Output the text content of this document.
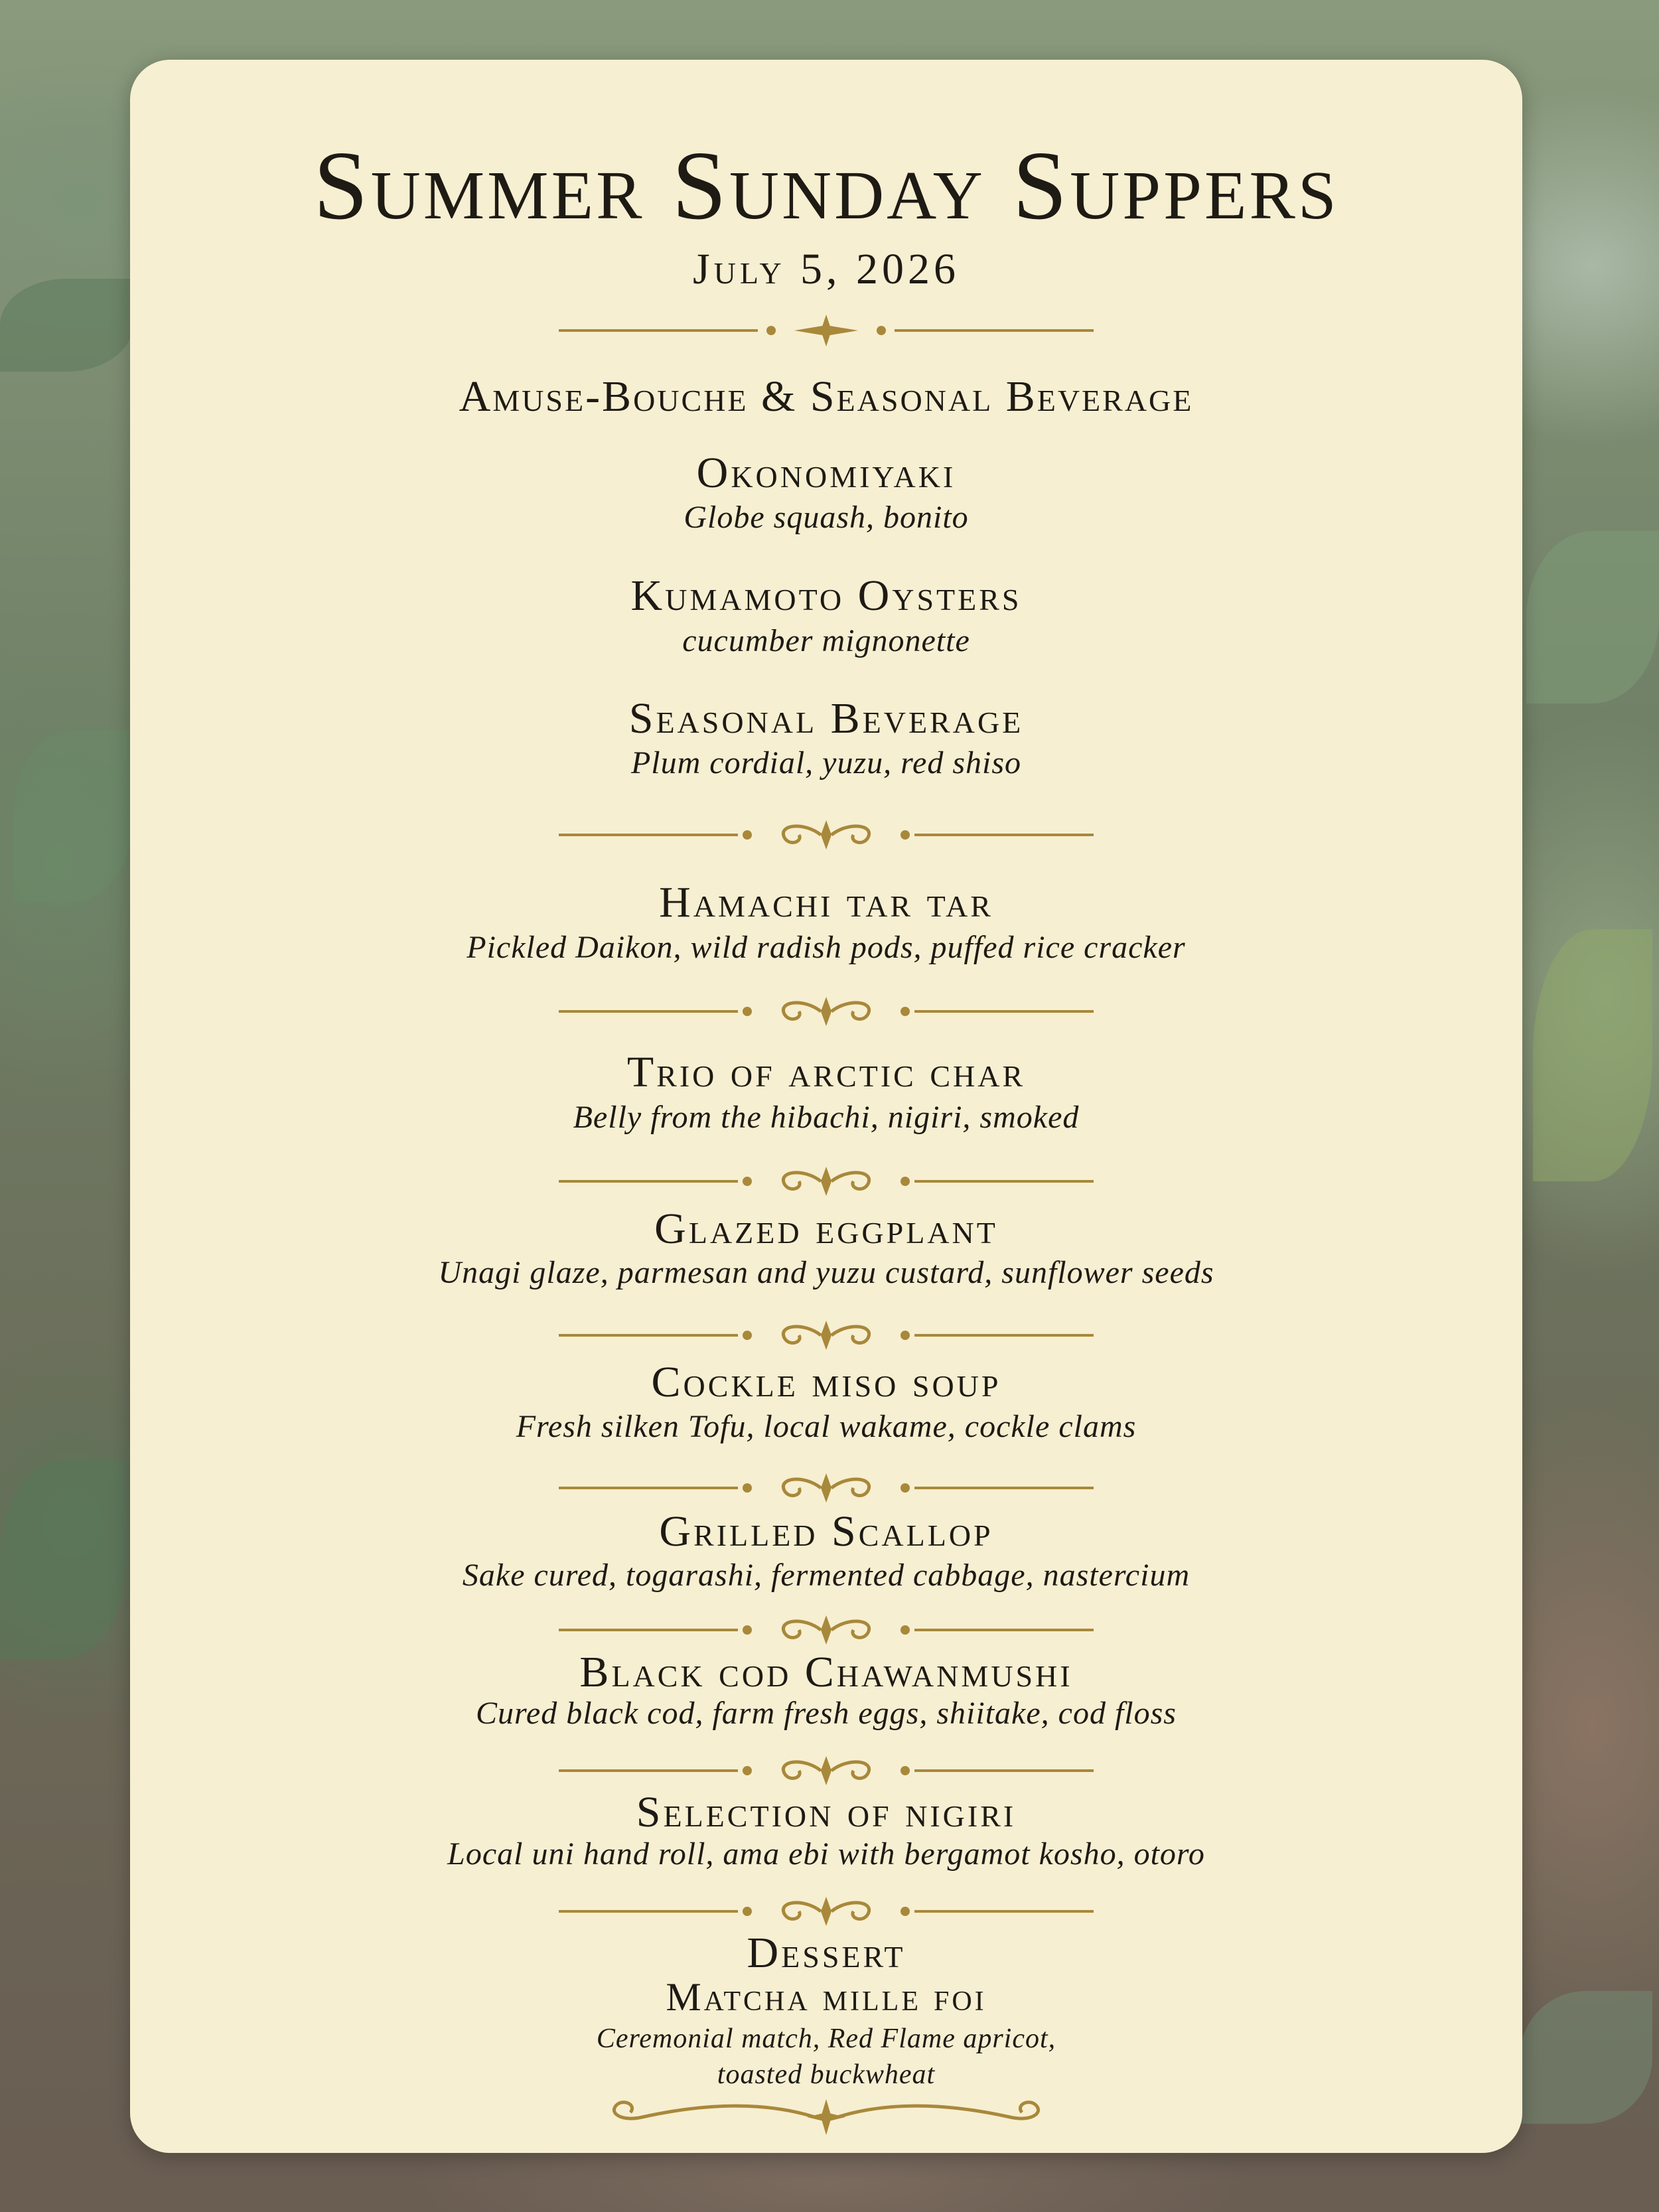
Summer Sunday Suppers
July 5, 2026
Amuse-Bouche & Seasonal Beverage
Okonomiyaki
Globe squash, bonito
Kumamoto Oysters
cucumber mignonette
Seasonal Beverage
Plum cordial, yuzu, red shiso
Hamachi tar tar
Pickled Daikon, wild radish pods, puffed rice cracker
Trio of arctic char
Belly from the hibachi, nigiri, smoked
Glazed eggplant
Unagi glaze, parmesan and yuzu custard, sunflower seeds
Cockle miso soup
Fresh silken Tofu, local wakame, cockle clams
Grilled Scallop
Sake cured, togarashi, fermented cabbage, nastercium
Black cod Chawanmushi
Cured black cod, farm fresh eggs, shiitake, cod floss
Selection of nigiri
Local uni hand roll, ama ebi with bergamot kosho, otoro
Dessert
Matcha mille foi
Ceremonial match, Red Flame apricot,
toasted buckwheat
